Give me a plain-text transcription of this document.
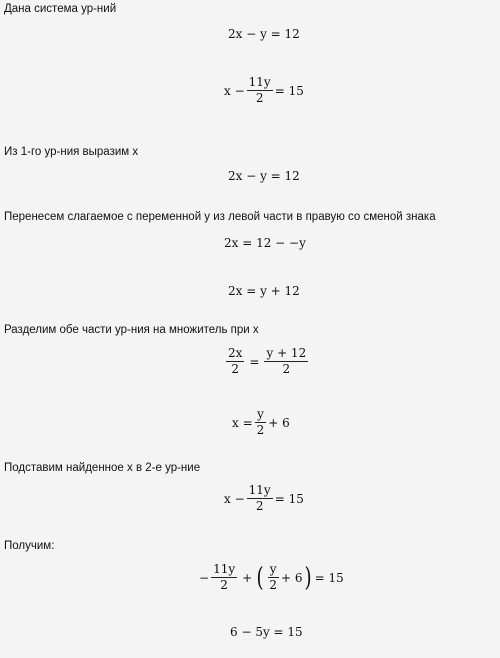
Дана система ур-ний
2x − y = 12
$x - \frac{11y}{2} = 15$
Из 1-го ур-ния выразим x
2x − y = 12
Перенесем слагаемое с переменной y из левой части в правую со сменой знака
2x = 12 − −y
2x = y + 12
Разделим обе части ур-ния на множитель при x
$\frac{2x}{2} = \frac{y + 12}{2}$
$x = \frac{y}{2} + 6$
Подставим найденное x в 2-е ур-ние
$x - \frac{11y}{2} = 15$
Получим:
− $\frac{11y}{2}$ + ( $\frac{y}{2} + 6$ ) = 15
6 − 5y = 15
